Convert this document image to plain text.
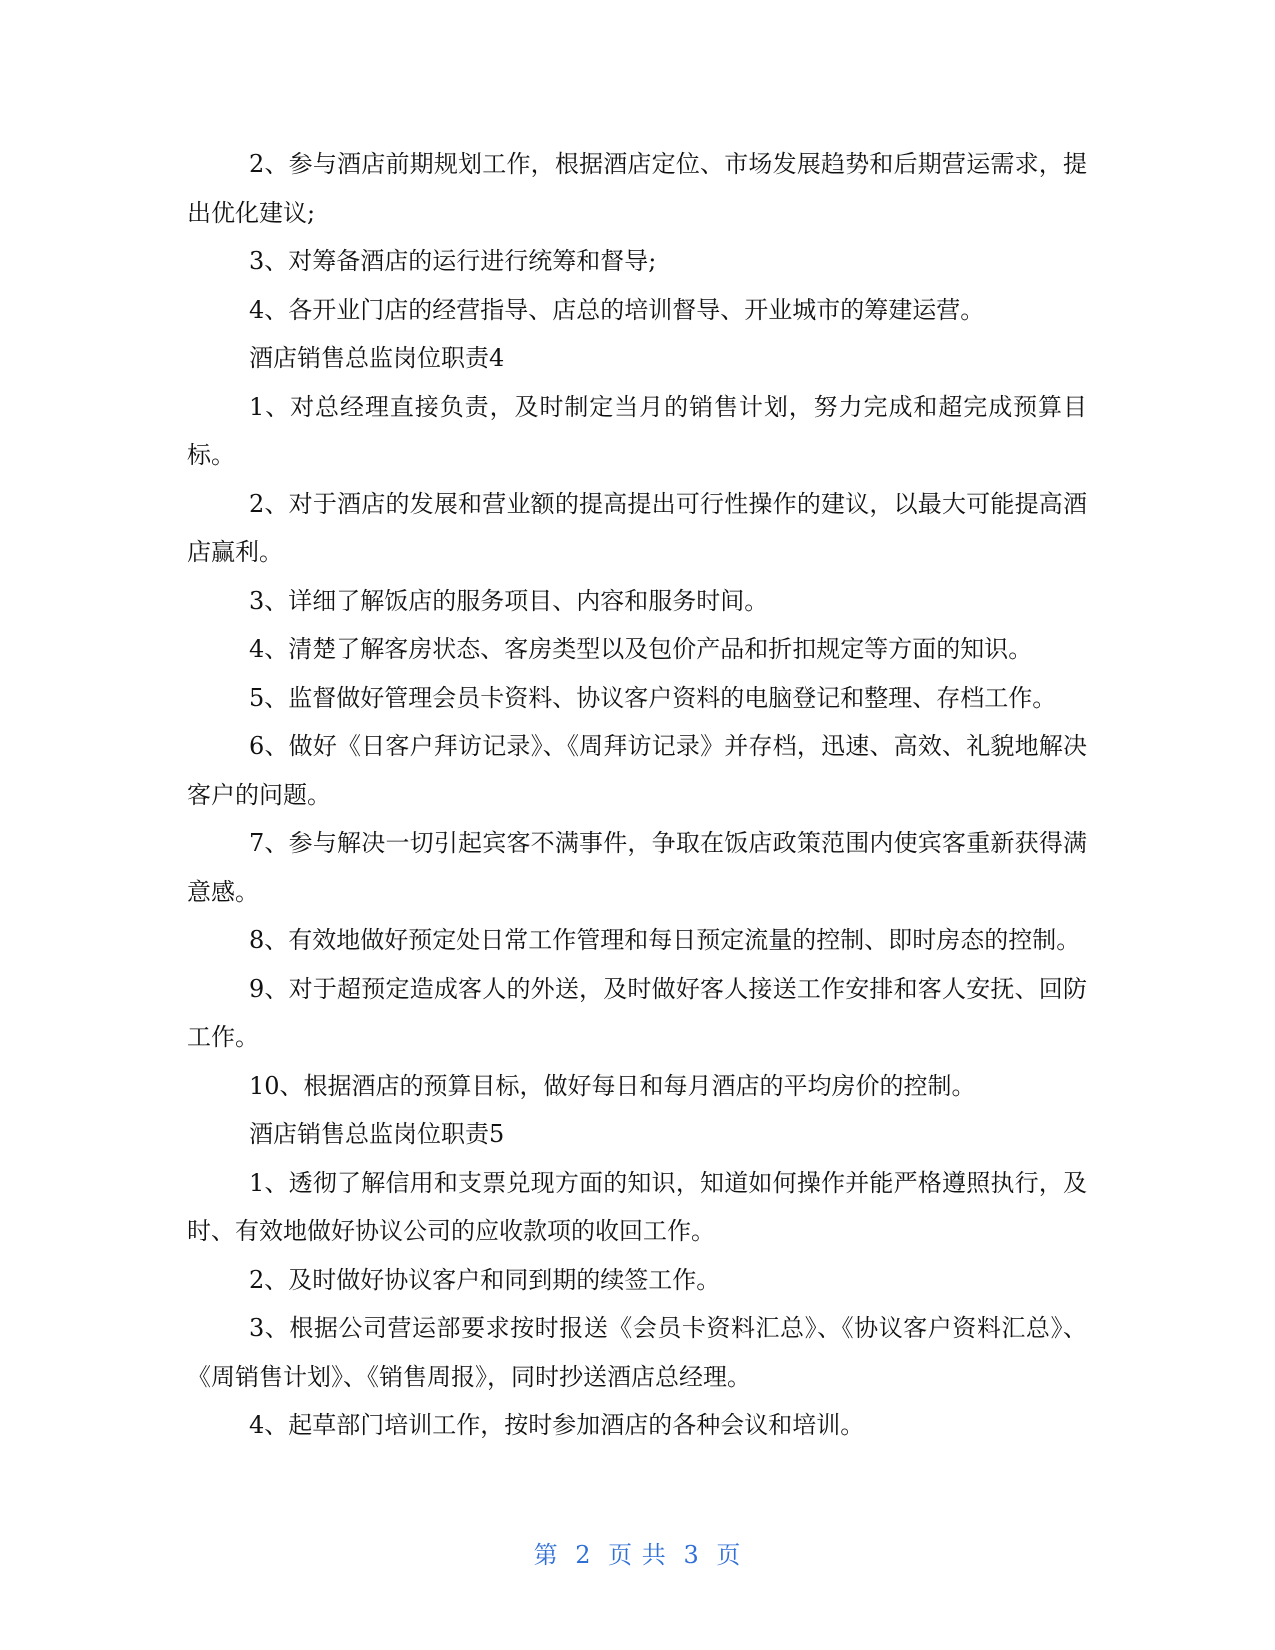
2、参与酒店前期规划工作，根据酒店定位、市场发展趋势和后期营运需求，提出优化建议;

3、对筹备酒店的运行进行统筹和督导;

4、各开业门店的经营指导、店总的培训督导、开业城市的筹建运营。

酒店销售总监岗位职责4

1、对总经理直接负责，及时制定当月的销售计划，努力完成和超完成预算目标。

2、对于酒店的发展和营业额的提高提出可行性操作的建议，以最大可能提高酒店赢利。

3、详细了解饭店的服务项目、内容和服务时间。

4、清楚了解客房状态、客房类型以及包价产品和折扣规定等方面的知识。

5、监督做好管理会员卡资料、协议客户资料的电脑登记和整理、存档工作。

6、做好《日客户拜访记录》、《周拜访记录》并存档，迅速、高效、礼貌地解决客户的问题。

7、参与解决一切引起宾客不满事件，争取在饭店政策范围内使宾客重新获得满意感。

8、有效地做好预定处日常工作管理和每日预定流量的控制、即时房态的控制。

9、对于超预定造成客人的外送，及时做好客人接送工作安排和客人安抚、回防工作。

10、根据酒店的预算目标，做好每日和每月酒店的平均房价的控制。

酒店销售总监岗位职责5

1、透彻了解信用和支票兑现方面的知识，知道如何操作并能严格遵照执行，及时、有效地做好协议公司的应收款项的收回工作。

2、及时做好协议客户和同到期的续签工作。

3、根据公司营运部要求按时报送《会员卡资料汇总》、《协议客户资料汇总》、《周销售计划》、《销售周报》，同时抄送酒店总经理。

4、起草部门培训工作，按时参加酒店的各种会议和培训。

第 2 页 共 3 页
